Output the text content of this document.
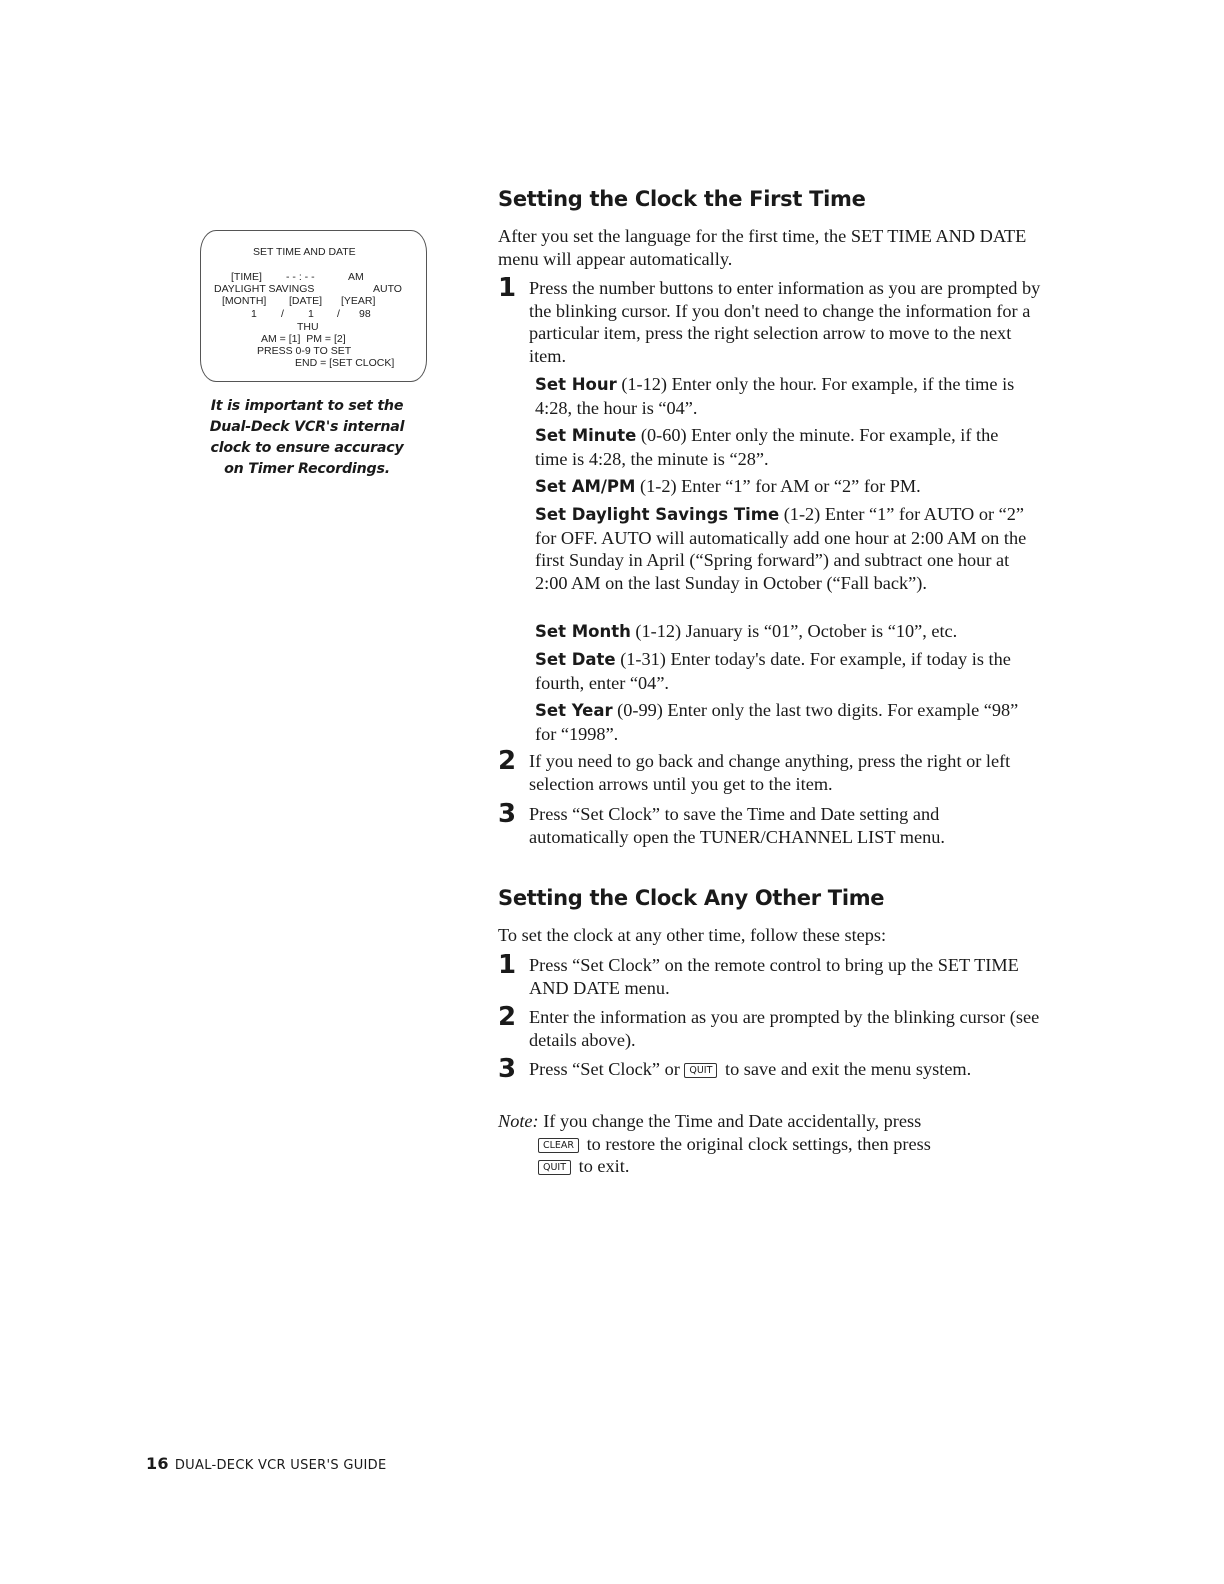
SET TIME AND DATE
[TIME] - - : - -	AM
DAYLIGHT SAVINGS	AUTO
[MONTH] [DATE] [YEAR]
1 / 1 / 98
THU
AM = [1]  PM = [2]
PRESS 0-9 TO SET
END = [SET CLOCK]
It is important to set the
Dual-Deck VCR's internal
clock to ensure accuracy
on Timer Recordings.
Setting the Clock the First Time
After you set the language for the first time, the SET TIME AND DATE menu will appear automatically.
1 Press the number buttons to enter information as you are prompted by the blinking cursor. If you don't need to change the information for a particular item, press the right selection arrow to move to the next item.
Set Hour (1-12) Enter only the hour. For example, if the time is 4:28, the hour is “04”.
Set Minute (0-60) Enter only the minute. For example, if the time is 4:28, the minute is “28”.
Set AM/PM (1-2) Enter “1” for AM or “2” for PM.
Set Daylight Savings Time (1-2) Enter “1” for AUTO or “2” for OFF. AUTO will automatically add one hour at 2:00 AM on the first Sunday in April (“Spring forward”) and subtract one hour at 2:00 AM on the last Sunday in October (“Fall back”).
Set Month (1-12) January is “01”, October is “10”, etc.
Set Date (1-31) Enter today's date. For example, if today is the fourth, enter “04”.
Set Year (0-99) Enter only the last two digits. For example “98” for “1998”.
2 If you need to go back and change anything, press the right or left selection arrows until you get to the item.
3 Press “Set Clock” to save the Time and Date setting and automatically open the TUNER/CHANNEL LIST menu.
Setting the Clock Any Other Time
To set the clock at any other time, follow these steps:
1 Press “Set Clock” on the remote control to bring up the SET TIME AND DATE menu.
2 Enter the information as you are prompted by the blinking cursor (see details above).
3 Press “Set Clock” or QUIT to save and exit the menu system.
Note: If you change the Time and Date accidentally, press
CLEAR to restore the original clock settings, then press
QUIT to exit.
16 DUAL-DECK VCR USER'S GUIDE
